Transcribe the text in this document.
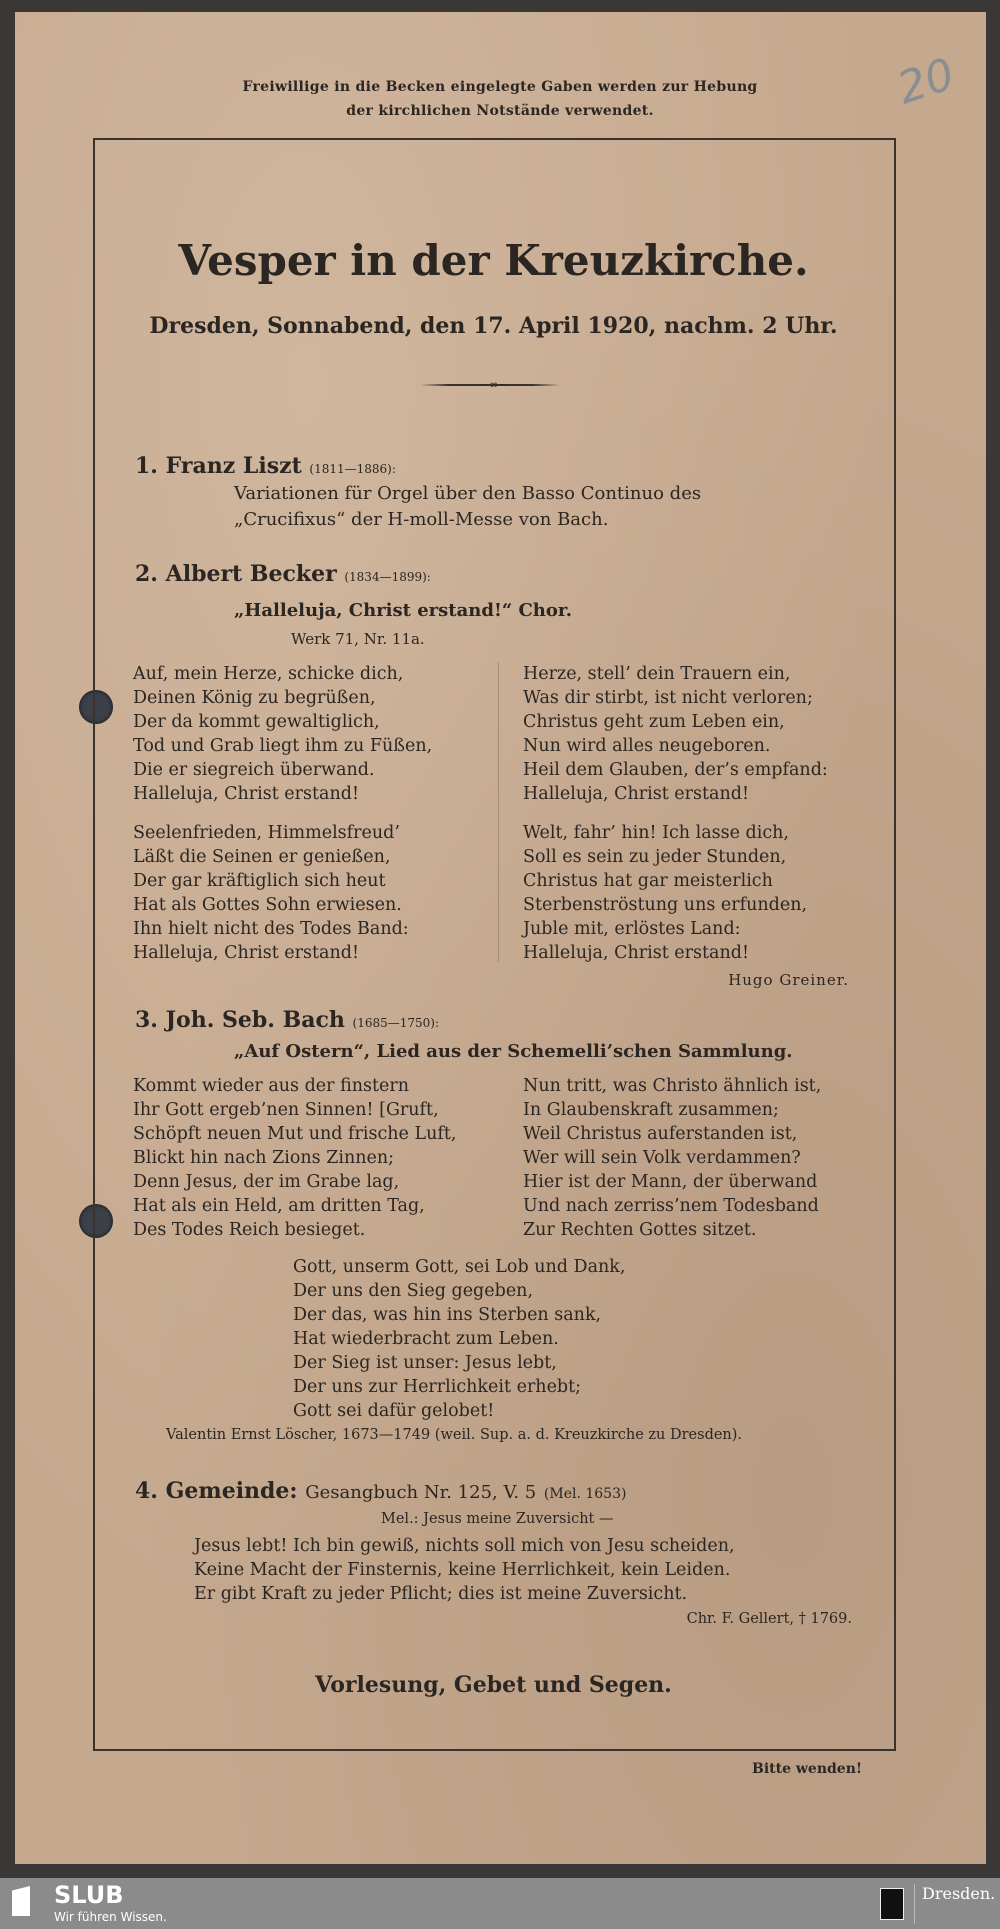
20
Freiwillige in die Becken eingelegte Gaben werden zur Hebung
der kirchlichen Notstände verwendet.
Vesper in der Kreuzkirche.
Dresden, Sonnabend, den 17. April 1920, nachm. 2 Uhr.
~∞~
1. Franz Liszt (1811—1886):
Variationen für Orgel über den Basso Continuo des
„Crucifixus“ der H-moll-Messe von Bach.
2. Albert Becker (1834—1899):
„Halleluja, Christ erstand!“ Chor.
Werk 71, Nr. 11a.
Auf, mein Herze, schicke dich,
Deinen König zu begrüßen,
Der da kommt gewaltiglich,
Tod und Grab liegt ihm zu Füßen,
Die er siegreich überwand.
Halleluja, Christ erstand!
Seelenfrieden, Himmelsfreud’
Läßt die Seinen er genießen,
Der gar kräftiglich sich heut
Hat als Gottes Sohn erwiesen.
Ihn hielt nicht des Todes Band:
Halleluja, Christ erstand!
Herze, stell’ dein Trauern ein,
Was dir stirbt, ist nicht verloren;
Christus geht zum Leben ein,
Nun wird alles neugeboren.
Heil dem Glauben, der’s empfand:
Halleluja, Christ erstand!
Welt, fahr’ hin! Ich lasse dich,
Soll es sein zu jeder Stunden,
Christus hat gar meisterlich
Sterbenströstung uns erfunden,
Juble mit, erlöstes Land:
Halleluja, Christ erstand!
Hugo Greiner.
3. Joh. Seb. Bach (1685—1750):
„Auf Ostern“, Lied aus der Schemelli’schen Sammlung.
Kommt wieder aus der finstern
Ihr Gott ergeb’nen Sinnen! [Gruft,
Schöpft neuen Mut und frische Luft,
Blickt hin nach Zions Zinnen;
Denn Jesus, der im Grabe lag,
Hat als ein Held, am dritten Tag,
Des Todes Reich besieget.
Nun tritt, was Christo ähnlich ist,
In Glaubenskraft zusammen;
Weil Christus auferstanden ist,
Wer will sein Volk verdammen?
Hier ist der Mann, der überwand
Und nach zerriss’nem Todesband
Zur Rechten Gottes sitzet.
Gott, unserm Gott, sei Lob und Dank,
Der uns den Sieg gegeben,
Der das, was hin ins Sterben sank,
Hat wiederbracht zum Leben.
Der Sieg ist unser: Jesus lebt,
Der uns zur Herrlichkeit erhebt;
Gott sei dafür gelobet!
Valentin Ernst Löscher, 1673—1749 (weil. Sup. a. d. Kreuzkirche zu Dresden).
4. Gemeinde: Gesangbuch Nr. 125, V. 5 (Mel. 1653)
Mel.: Jesus meine Zuversicht —
Jesus lebt! Ich bin gewiß, nichts soll mich von Jesu scheiden,
Keine Macht der Finsternis, keine Herrlichkeit, kein Leiden.
Er gibt Kraft zu jeder Pflicht; dies ist meine Zuversicht.
Chr. F. Gellert, † 1769.
Vorlesung, Gebet und Segen.
Bitte wenden!
SLUB
Wir führen Wissen.
Dresden.
